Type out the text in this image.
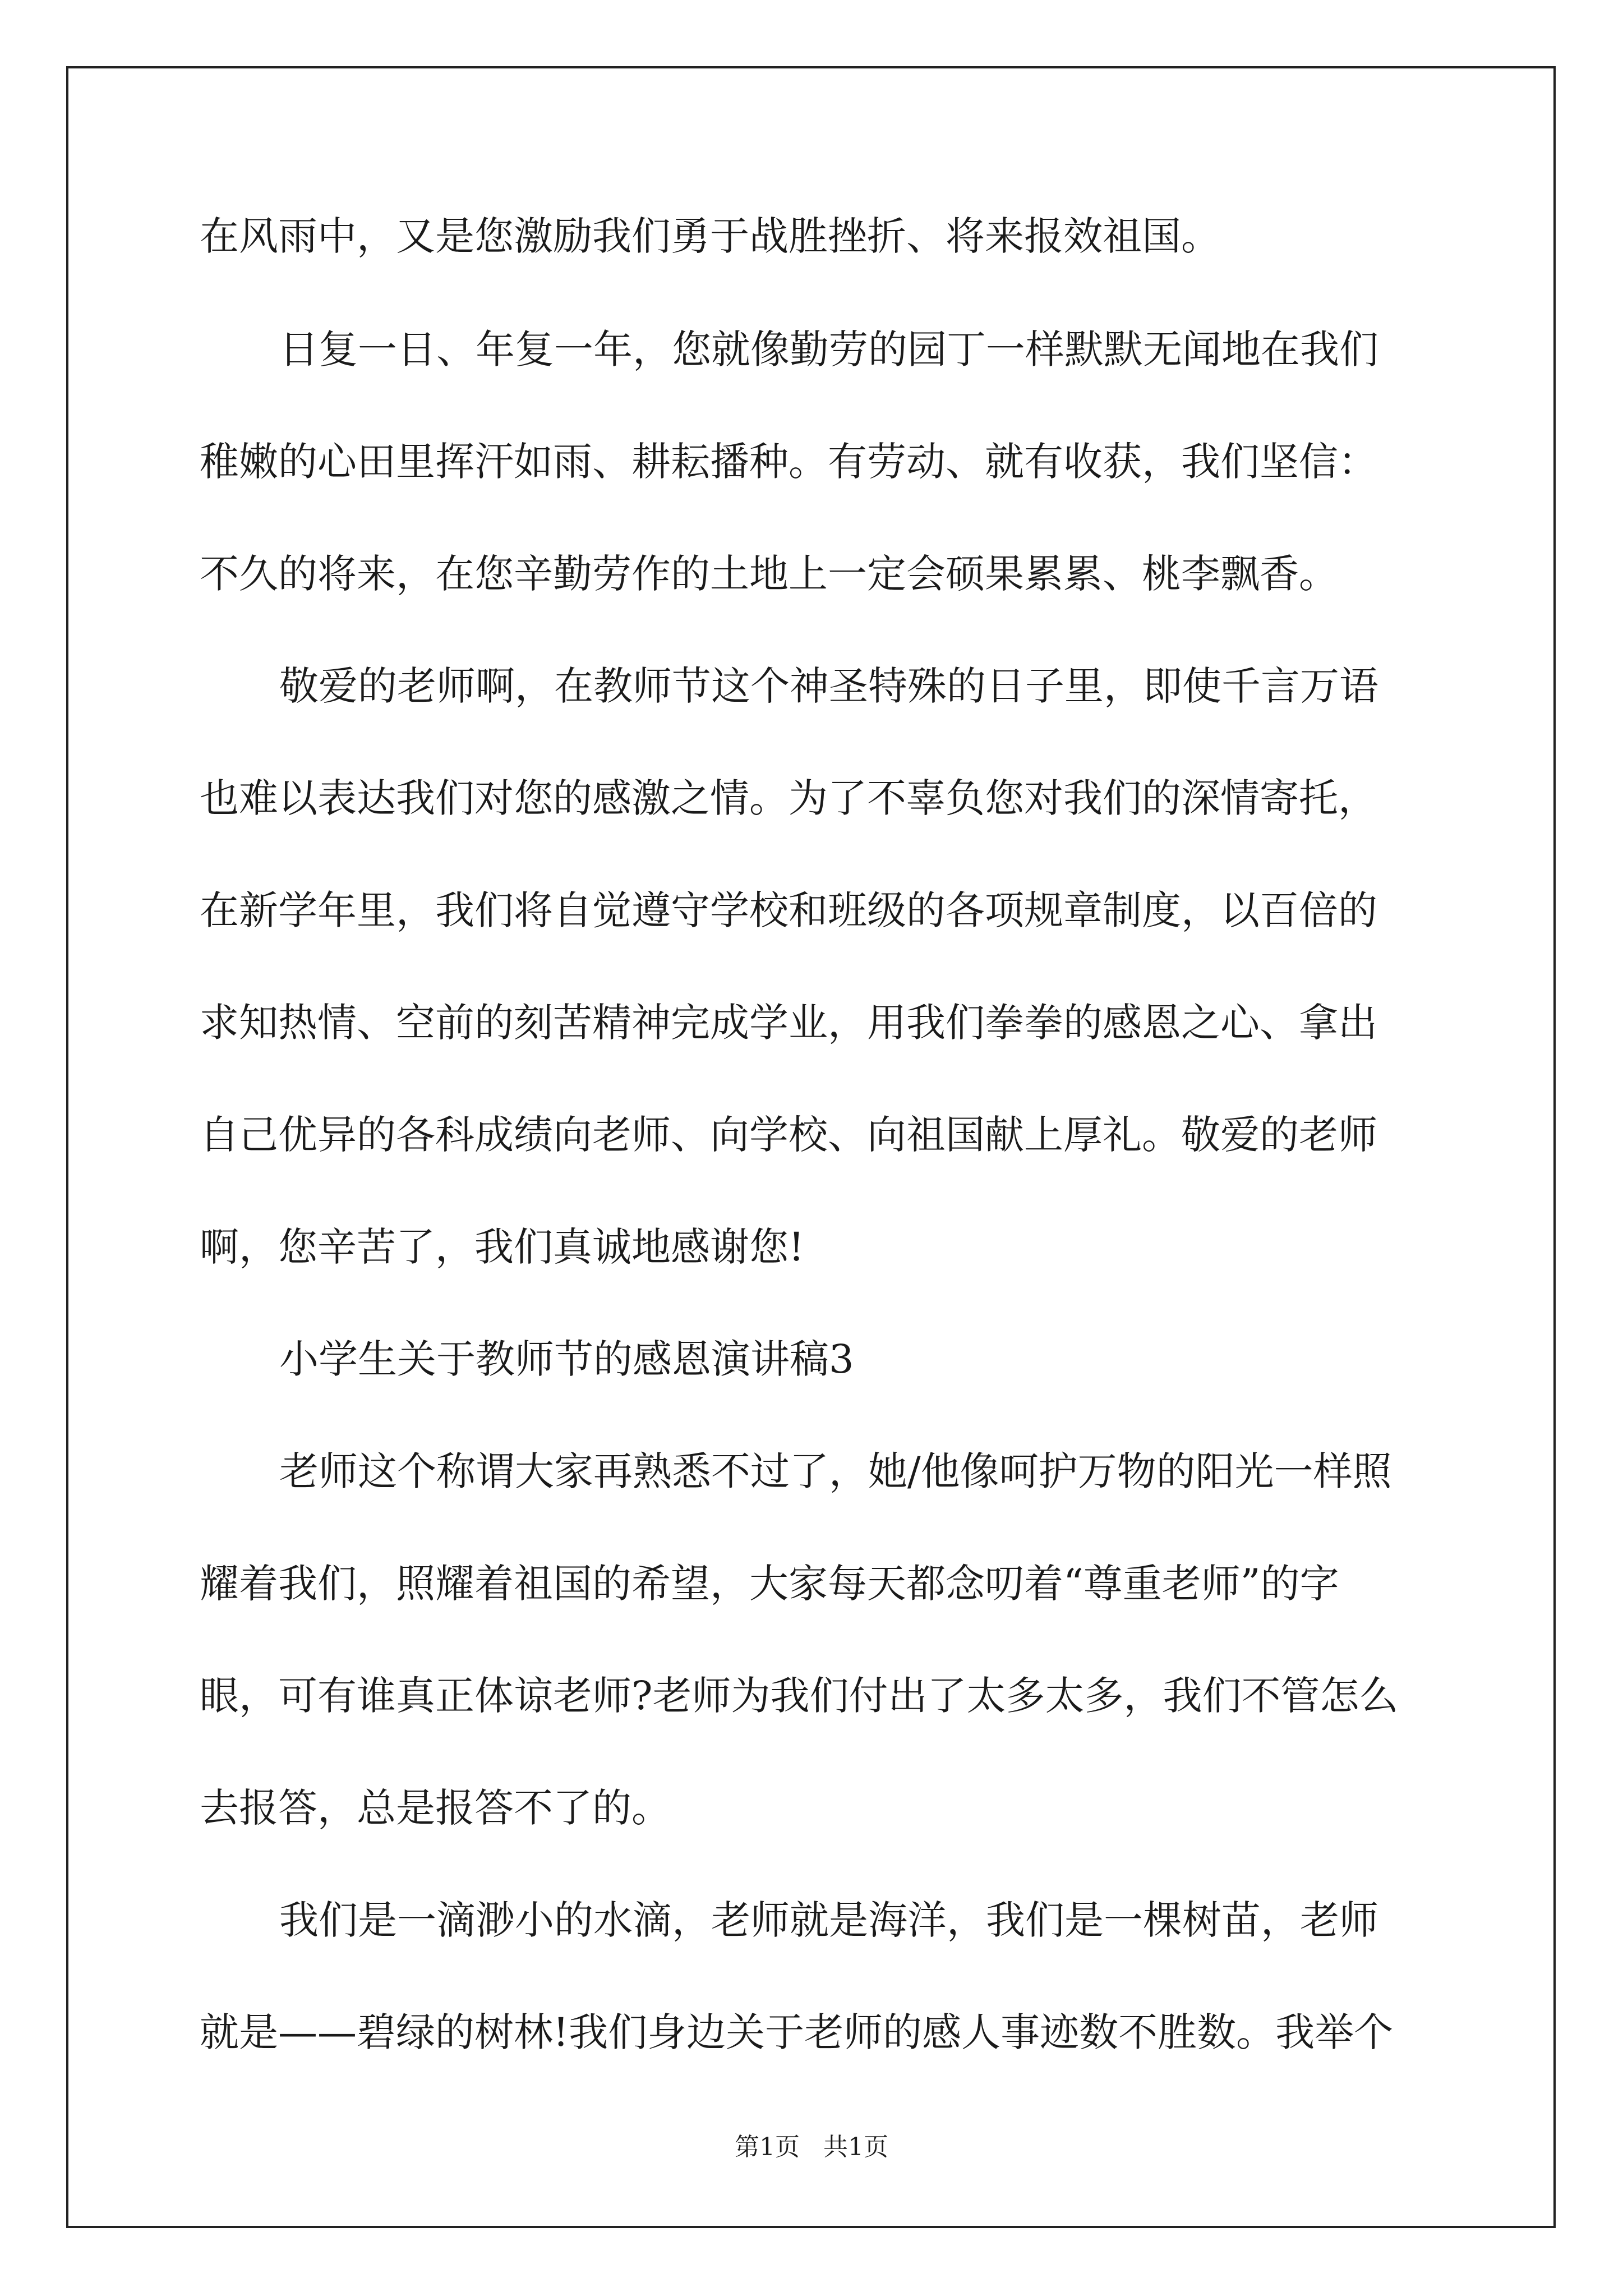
在风雨中，又是您激励我们勇于战胜挫折、将来报效祖国。
日复一日、年复一年，您就像勤劳的园丁一样默默无闻地在我们
稚嫩的心田里挥汗如雨、耕耘播种。有劳动、就有收获，我们坚信：
不久的将来，在您辛勤劳作的土地上一定会硕果累累、桃李飘香。
敬爱的老师啊，在教师节这个神圣特殊的日子里，即使千言万语
也难以表达我们对您的感激之情。为了不辜负您对我们的深情寄托，
在新学年里，我们将自觉遵守学校和班级的各项规章制度，以百倍的
求知热情、空前的刻苦精神完成学业，用我们拳拳的感恩之心、拿出
自己优异的各科成绩向老师、向学校、向祖国献上厚礼。敬爱的老师
啊，您辛苦了，我们真诚地感谢您!
小学生关于教师节的感恩演讲稿3
老师这个称谓大家再熟悉不过了，她/他像呵护万物的阳光一样照
耀着我们，照耀着祖国的希望，大家每天都念叨着“尊重老师”的字
眼，可有谁真正体谅老师?老师为我们付出了太多太多，我们不管怎么
去报答，总是报答不了的。
我们是一滴渺小的水滴，老师就是海洋，我们是一棵树苗，老师
就是——碧绿的树林!我们身边关于老师的感人事迹数不胜数。我举个
第1页   共1页
